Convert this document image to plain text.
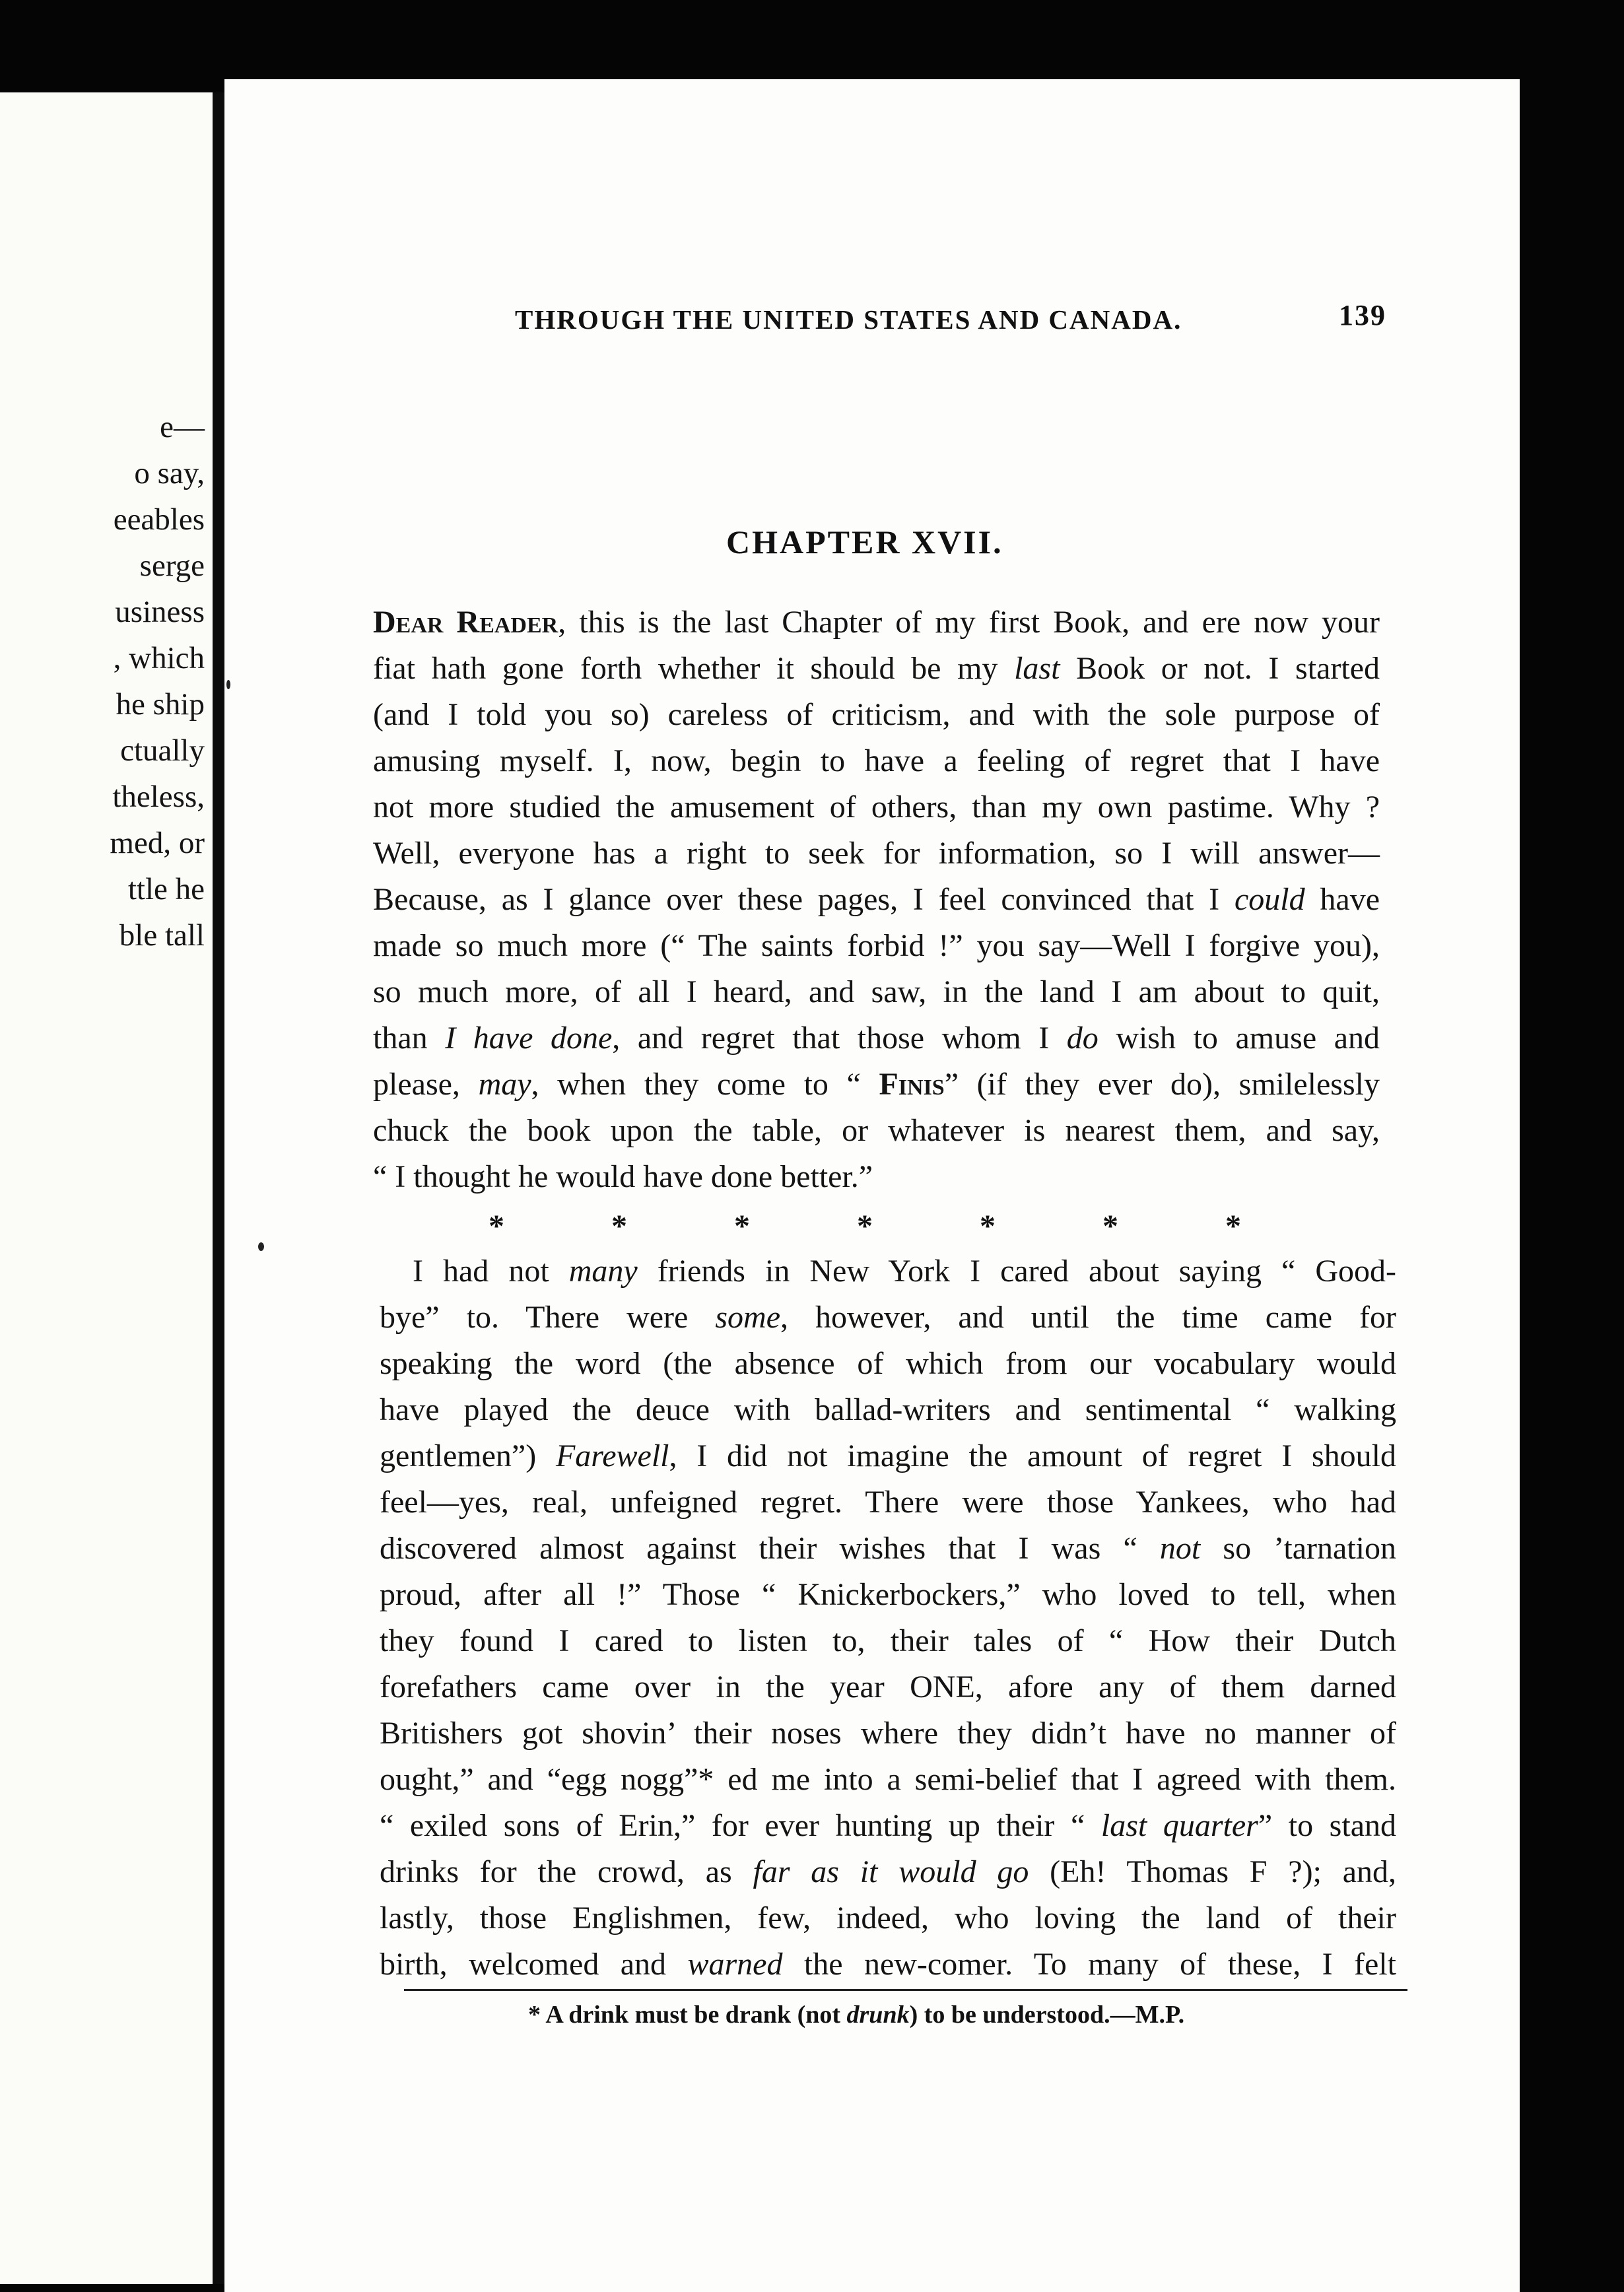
e—
o say,
eeables
serge
usiness
, which
he ship
ctually
theless,
med, or
ttle he
ble tall
THROUGH THE UNITED STATES AND CANADA.	139
CHAPTER XVII.
Dear Reader, this is the last Chapter of my first Book, and ere now your
fiat hath gone forth whether it should be my last Book or not. I started
(and I told you so) careless of criticism, and with the sole purpose of
amusing myself. I, now, begin to have a feeling of regret that I have
not more studied the amusement of others, than my own pastime. Why ?
Well, everyone has a right to seek for information, so I will answer—
Because, as I glance over these pages, I feel convinced that I could have
made so much more (“ The saints forbid !” you say—Well I forgive you),
so much more, of all I heard, and saw, in the land I am about to quit,
than I have done, and regret that those whom I do wish to amuse and
please, may, when they come to “ Finis” (if they ever do), smilelessly
chuck the book upon the table, or whatever is nearest them, and say,
“ I thought he would have done better.”
* * * * * * *
I had not many friends in New York I cared about saying “ Good-
bye” to. There were some, however, and until the time came for
speaking the word (the absence of which from our vocabulary would
have played the deuce with ballad-writers and sentimental “ walking
gentlemen”) Farewell, I did not imagine the amount of regret I should
feel—yes, real, unfeigned regret. There were those Yankees, who had
discovered almost against their wishes that I was “ not so ’tarnation
proud, after all !” Those “ Knickerbockers,” who loved to tell, when
they found I cared to listen to, their tales of “ How their Dutch
forefathers came over in the year ONE, afore any of them darned
Britishers got shovin’ their noses where they didn’t have no manner of
ought,” and “egg nogg”* ed me into a semi-belief that I agreed with them.
“ exiled sons of Erin,” for ever hunting up their “ last quarter” to stand
drinks for the crowd, as far as it would go (Eh! Thomas F ?); and,
lastly, those Englishmen, few, indeed, who loving the land of their
birth, welcomed and warned the new-comer. To many of these, I felt
* A drink must be drank (not drunk) to be understood.—M.P.
